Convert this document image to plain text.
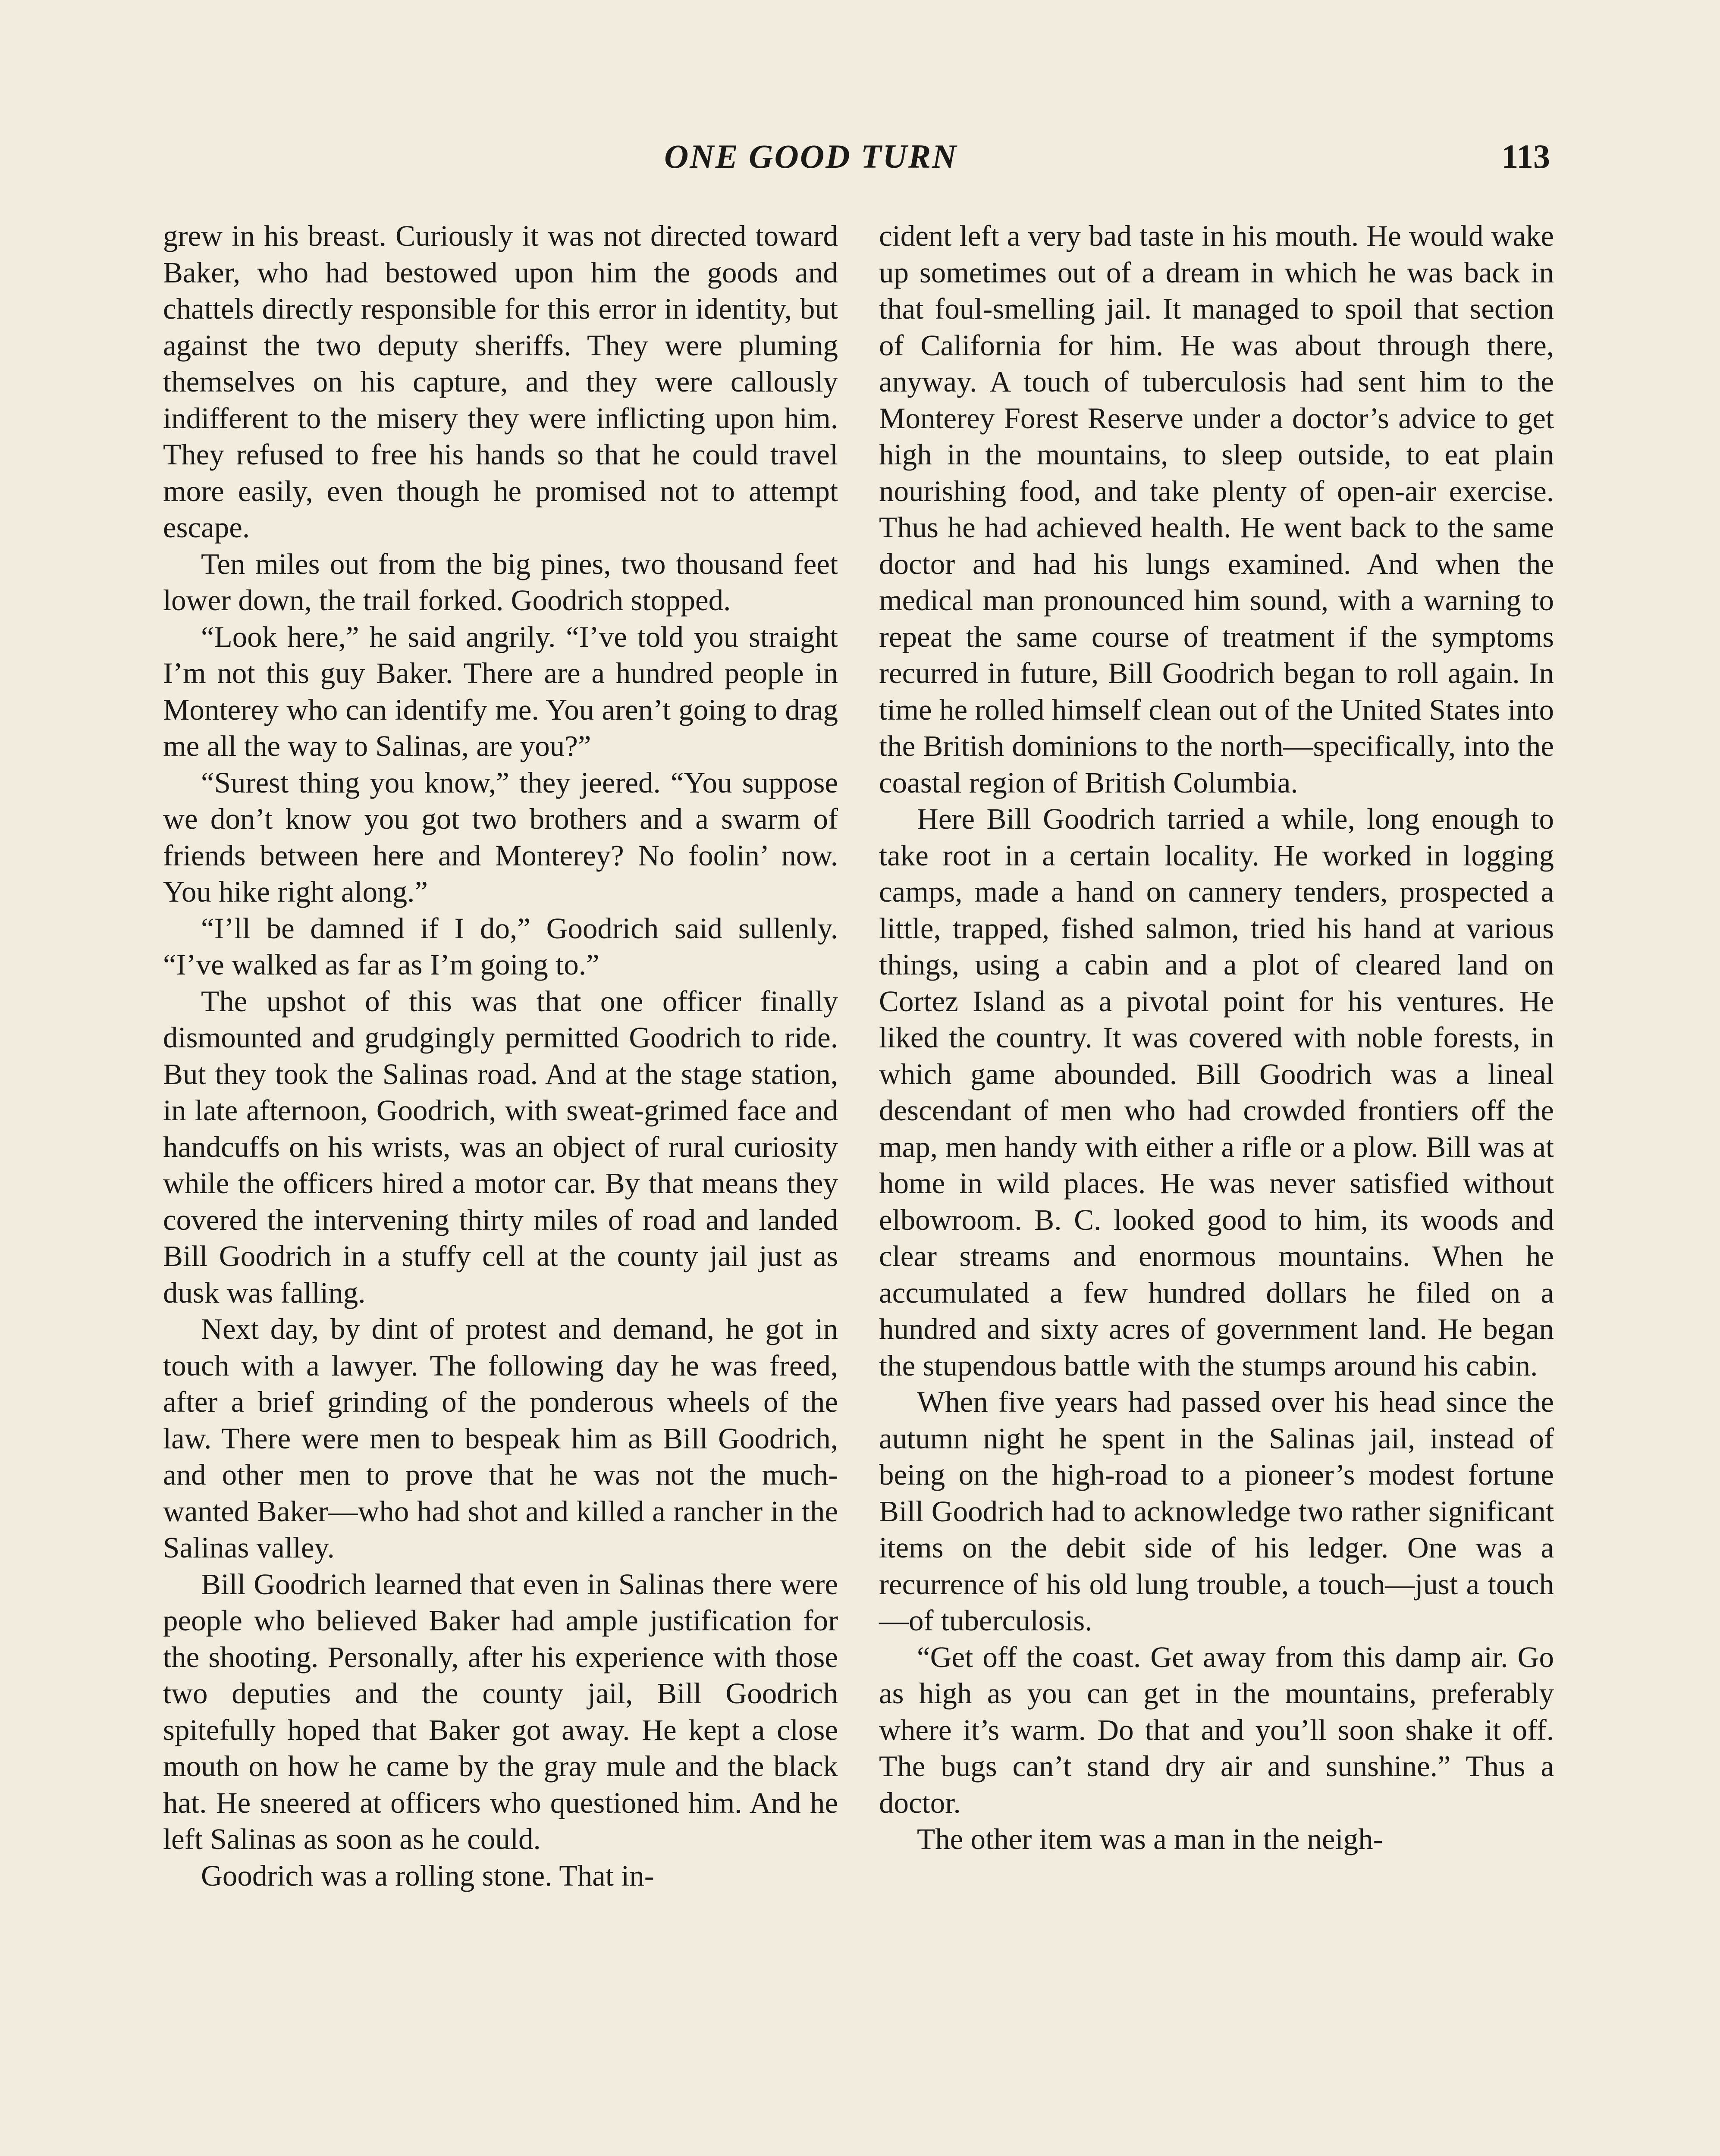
ONE GOOD TURN	113

grew in his breast. Curiously it was not directed toward Baker, who had bestowed upon him the goods and chattels directly responsible for this error in identity, but against the two deputy sheriffs. They were pluming themselves on his capture, and they were callously indifferent to the misery they were inflicting upon him. They refused to free his hands so that he could travel more easily, even though he promised not to attempt escape.

Ten miles out from the big pines, two thousand feet lower down, the trail forked. Goodrich stopped.

“Look here,” he said angrily. “I’ve told you straight I’m not this guy Baker. There are a hundred people in Monterey who can identify me. You aren’t going to drag me all the way to Salinas, are you?”

“Surest thing you know,” they jeered. “You suppose we don’t know you got two brothers and a swarm of friends between here and Monterey? No foolin’ now. You hike right along.”

“I’ll be damned if I do,” Goodrich said sullenly. “I’ve walked as far as I’m going to.”

The upshot of this was that one officer finally dismounted and grudgingly permitted Goodrich to ride. But they took the Salinas road. And at the stage station, in late afternoon, Goodrich, with sweat-grimed face and handcuffs on his wrists, was an object of rural curiosity while the officers hired a motor car. By that means they covered the intervening thirty miles of road and landed Bill Goodrich in a stuffy cell at the county jail just as dusk was falling.

Next day, by dint of protest and demand, he got in touch with a lawyer. The following day he was freed, after a brief grinding of the ponderous wheels of the law. There were men to bespeak him as Bill Goodrich, and other men to prove that he was not the much-wanted Baker—who had shot and killed a rancher in the Salinas valley.

Bill Goodrich learned that even in Salinas there were people who believed Baker had ample justification for the shooting. Personally, after his experience with those two deputies and the county jail, Bill Goodrich spitefully hoped that Baker got away. He kept a close mouth on how he came by the gray mule and the black hat. He sneered at officers who questioned him. And he left Salinas as soon as he could.

Goodrich was a rolling stone. That in-

cident left a very bad taste in his mouth. He would wake up sometimes out of a dream in which he was back in that foul-smelling jail. It managed to spoil that section of California for him. He was about through there, anyway. A touch of tuberculosis had sent him to the Monterey Forest Reserve under a doctor’s advice to get high in the mountains, to sleep outside, to eat plain nourishing food, and take plenty of open-air exercise. Thus he had achieved health. He went back to the same doctor and had his lungs examined. And when the medical man pronounced him sound, with a warning to repeat the same course of treatment if the symptoms recurred in future, Bill Goodrich began to roll again. In time he rolled himself clean out of the United States into the British dominions to the north—specifically, into the coastal region of British Columbia.

Here Bill Goodrich tarried a while, long enough to take root in a certain locality. He worked in logging camps, made a hand on cannery tenders, prospected a little, trapped, fished salmon, tried his hand at various things, using a cabin and a plot of cleared land on Cortez Island as a pivotal point for his ventures. He liked the country. It was covered with noble forests, in which game abounded. Bill Goodrich was a lineal descendant of men who had crowded frontiers off the map, men handy with either a rifle or a plow. Bill was at home in wild places. He was never satisfied without elbowroom. B. C. looked good to him, its woods and clear streams and enormous mountains. When he accumulated a few hundred dollars he filed on a hundred and sixty acres of government land. He began the stupendous battle with the stumps around his cabin.

When five years had passed over his head since the autumn night he spent in the Salinas jail, instead of being on the high-road to a pioneer’s modest fortune Bill Goodrich had to acknowledge two rather significant items on the debit side of his ledger. One was a recurrence of his old lung trouble, a touch—just a touch—of tuberculosis.

“Get off the coast. Get away from this damp air. Go as high as you can get in the mountains, preferably where it’s warm. Do that and you’ll soon shake it off. The bugs can’t stand dry air and sunshine.” Thus a doctor.

The other item was a man in the neigh-
